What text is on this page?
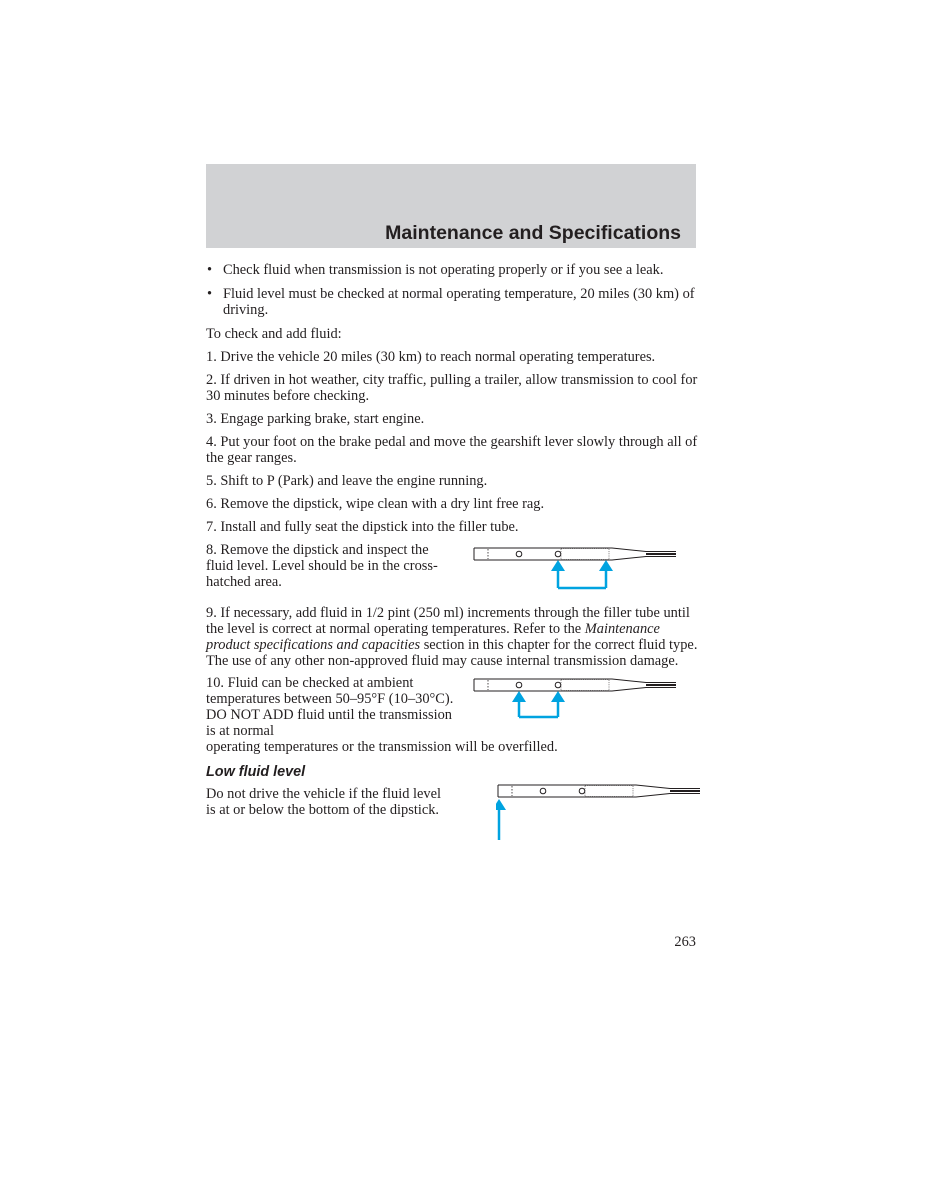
Maintenance and Specifications
• Check fluid when transmission is not operating properly or if you see a leak.
• Fluid level must be checked at normal operating temperature, 20 miles (30 km) of driving.

To check and add fluid:

1. Drive the vehicle 20 miles (30 km) to reach normal operating temperatures.

2. If driven in hot weather, city traffic, pulling a trailer, allow transmission to cool for 30 minutes before checking.

3. Engage parking brake, start engine.

4. Put your foot on the brake pedal and move the gearshift lever slowly through all of the gear ranges.

5. Shift to P (Park) and leave the engine running.

6. Remove the dipstick, wipe clean with a dry lint free rag.

7. Install and fully seat the dipstick into the filler tube.

8. Remove the dipstick and inspect the fluid level. Level should be in the cross-hatched area.

9. If necessary, add fluid in 1/2 pint (250 ml) increments through the filler tube until the level is correct at normal operating temperatures. Refer to the Maintenance product specifications and capacities section in this chapter for the correct fluid type. The use of any other non-approved fluid may cause internal transmission damage.

10. Fluid can be checked at ambient temperatures between 50–95°F (10–30°C). DO NOT ADD fluid until the transmission is at normal

operating temperatures or the transmission will be overfilled.

Low fluid level
Do not drive the vehicle if the fluid level is at or below the bottom of the dipstick.
263
